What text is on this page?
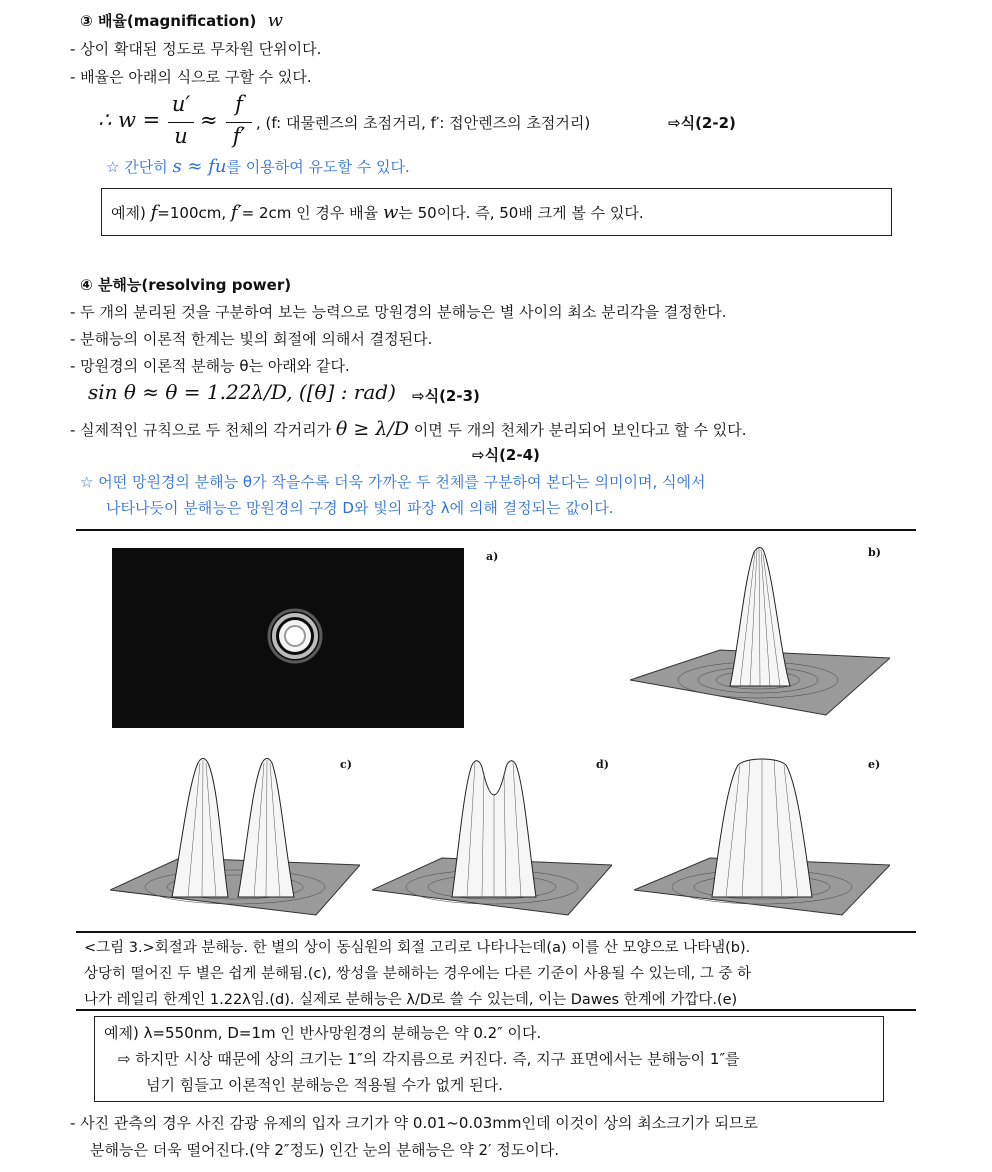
③ 배율(magnification) w
- 상이 확대된 정도로 무차원 단위이다.
- 배율은 아래의 식으로 구할 수 있다.
∴ w =
u′
u
≈
f
f′
, (f: 대물렌즈의 초점거리, f′: 접안렌즈의 초점거리)	⇨식(2-2)
☆ 간단히 s ≈ fu를 이용하여 유도할 수 있다.
예제) f=100cm, f′= 2cm 인 경우 배율 w는 50이다. 즉, 50배 크게 볼 수 있다.
④ 분해능(resolving power)
- 두 개의 분리된 것을 구분하여 보는 능력으로 망원경의 분해능은 별 사이의 최소 분리각을 결정한다.
- 분해능의 이론적 한계는 빛의 회절에 의해서 결정된다.
- 망원경의 이론적 분해능 θ는 아래와 같다.
sin θ ≈ θ = 1.22λ/D, ([θ] : rad) ⇨식(2-3)
- 실제적인 규칙으로 두 천체의 각거리가 θ ≥ λ/D 이면 두 개의 천체가 분리되어 보인다고 할 수 있다.
⇨식(2-4)
☆ 어떤 망원경의 분해능 θ가 작을수록 더욱 가까운 두 천체를 구분하여 본다는 의미이며, 식에서
나타나듯이 분해능은 망원경의 구경 D와 빛의 파장 λ에 의해 결정되는 값이다.
a)	b)
c)	d)	e)
<그림 3.>회절과 분해능. 한 별의 상이 동심원의 회절 고리로 나타나는데(a) 이를 산 모양으로 나타냄(b).
상당히 떨어진 두 별은 쉽게 분해됨.(c), 쌍성을 분해하는 경우에는 다른 기준이 사용될 수 있는데, 그 중 하
나가 레일리 한계인 1.22λ임.(d). 실제로 분해능은 λ/D로 쓸 수 있는데, 이는 Dawes 한계에 가깝다.(e)
예제) λ=550nm, D=1m 인 반사망원경의 분해능은 약 0.2″ 이다.
⇨ 하지만 시상 때문에 상의 크기는 1″의 각지름으로 커진다. 즉, 지구 표면에서는 분해능이 1″를
넘기 힘들고 이론적인 분해능은 적용될 수가 없게 된다.
- 사진 관측의 경우 사진 감광 유제의 입자 크기가 약 0.01~0.03mm인데 이것이 상의 최소크기가 되므로
분해능은 더욱 떨어진다.(약 2″정도) 인간 눈의 분해능은 약 2′ 정도이다.
